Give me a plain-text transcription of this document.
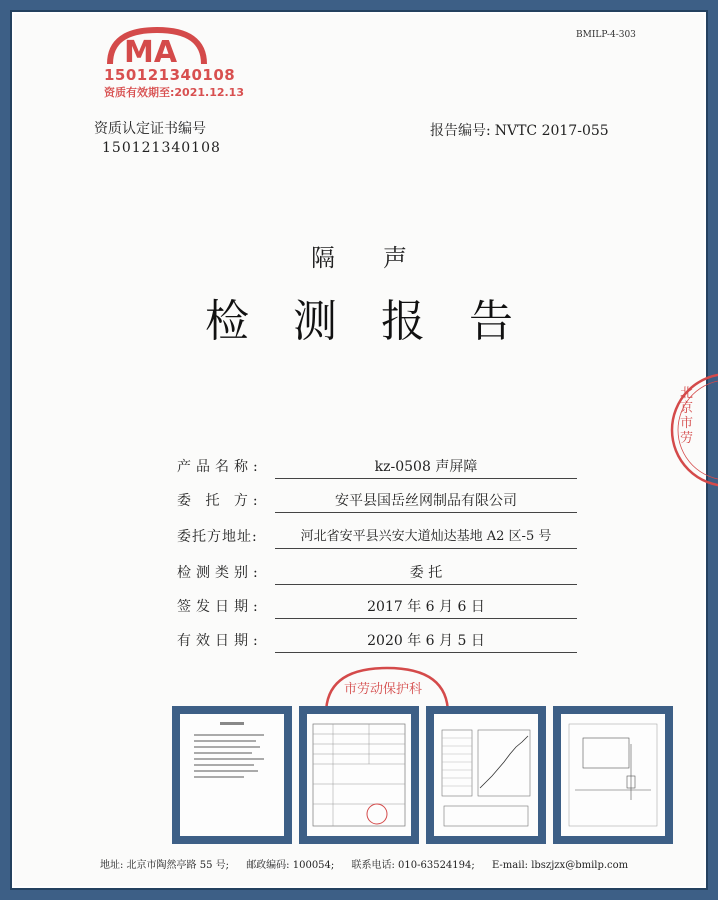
MA
150121340108
资质有效期至:2021.12.13
BMILP-4-303
资质认定证书编号
150121340108
报告编号: NVTC 2017-055
隔声
检测报告
产品名称:	kz-0508 声屏障
委 托 方:	安平县国岳丝网制品有限公司
委托方地址:	河北省安平县兴安大道灿达基地 A2 区-5 号
检测类别:	委 托
签发日期:	2017 年 6 月 6 日
有效日期:	2020 年 6 月 5 日
北京市劳
市劳动保护科
地址: 北京市陶然亭路 55 号; 邮政编码: 100054; 联系电话: 010-63524194; E-mail: lbszjzx@bmilp.com
